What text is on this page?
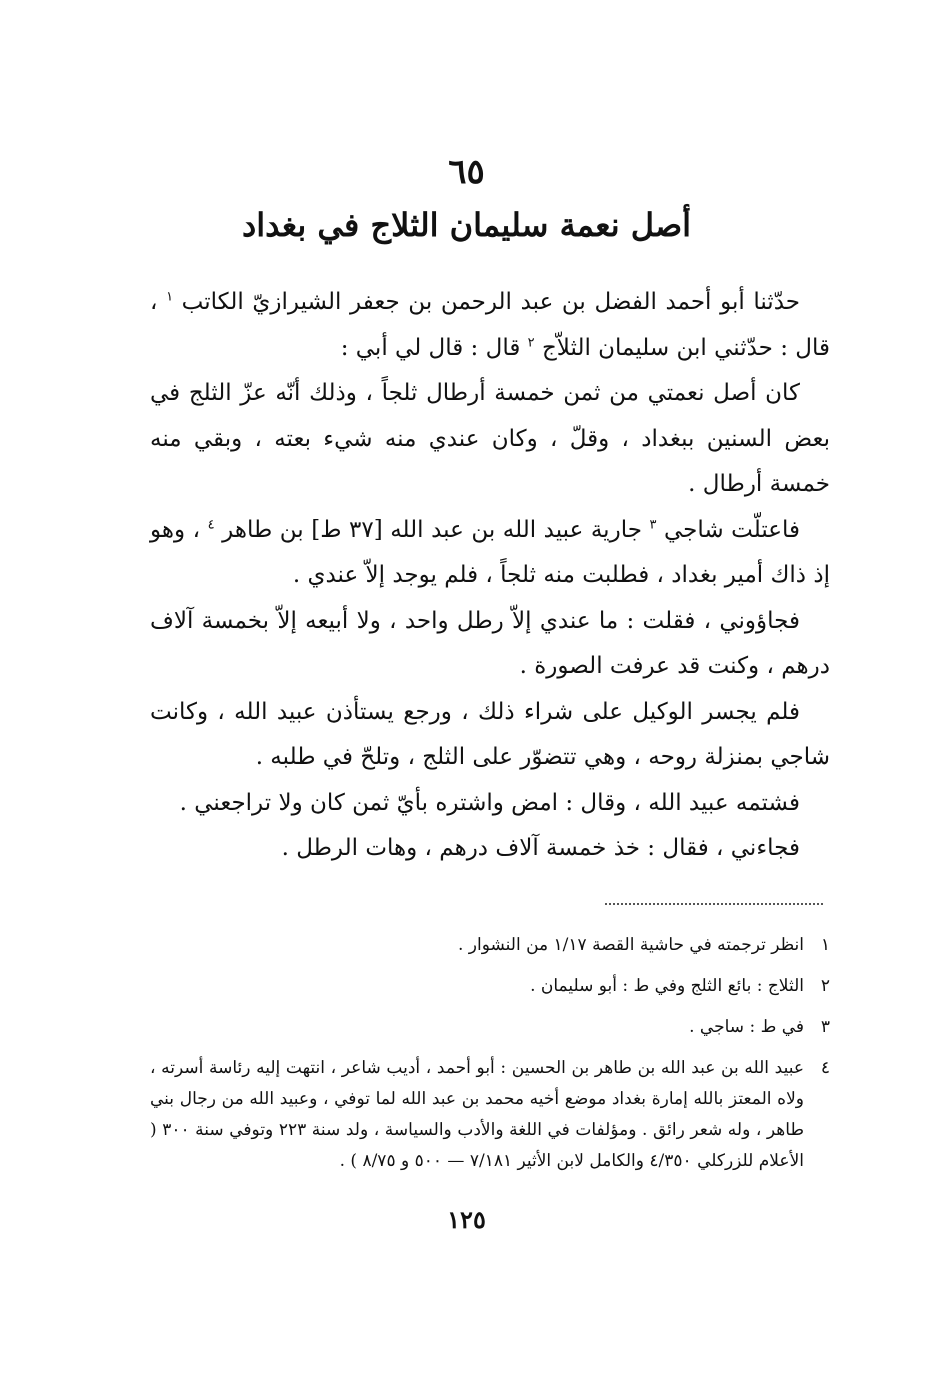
٦٥
أصل نعمة سليمان الثلاج في بغداد

حدّثنا أبو أحمد الفضل بن عبد الرحمن بن جعفر الشيرازيّ الكاتب $^١$ ، قال : حدّثني ابن سليمان الثلاّج $^٢$ قال : قال لي أبي :

كان أصل نعمتي من ثمن خمسة أرطال ثلجاً ، وذلك أنّه عزّ الثلج في بعض السنين ببغداد ، وقلّ ، وكان عندي منه شيء بعته ، وبقي منه خمسة أرطال .

فاعتلّت شاجي $^٣$ جارية عبيد الله بن عبد الله [٣٧ ط] بن طاهر $^٤$ ، وهو إذ ذاك أمير بغداد ، فطلبت منه ثلجاً ، فلم يوجد إلاّ عندي .

فجاؤوني ، فقلت : ما عندي إلاّ رطل واحد ، ولا أبيعه إلاّ بخمسة آلاف درهم ، وكنت قد عرفت الصورة .

فلم يجسر الوكيل على شراء ذلك ، ورجع يستأذن عبيد الله ، وكانت شاجي بمنزلة روحه ، وهي تتضوّر على الثلج ، وتلحّ في طلبه .

فشتمه عبيد الله ، وقال : امض واشتره بأيّ ثمن كان ولا تراجعني .

فجاءني ، فقال : خذ خمسة آلاف درهم ، وهات الرطل .

١
انظر ترجمته في حاشية القصة ١/١٧ من النشوار .
٢
الثلاج : بائع الثلج وفي ط : أبو سليمان .
٣
في ط : ساجي .
٤
عبيد الله بن عبد الله بن طاهر بن الحسين : أبو أحمد ، أديب شاعر ، انتهت إليه رئاسة أسرته ، ولاه المعتز بالله إمارة بغداد موضع أخيه محمد بن عبد الله لما توفي ، وعبيد الله من رجال بني طاهر ، وله شعر رائق . ومؤلفات في اللغة والأدب والسياسة ، ولد سنة ٢٢٣ وتوفي سنة ٣٠٠ ( الأعلام للزركلي ٤/٣٥٠ والكامل لابن الأثير ٧/١٨١ — ٥٠٠ و ٨/٧٥ ) .
١٢٥
